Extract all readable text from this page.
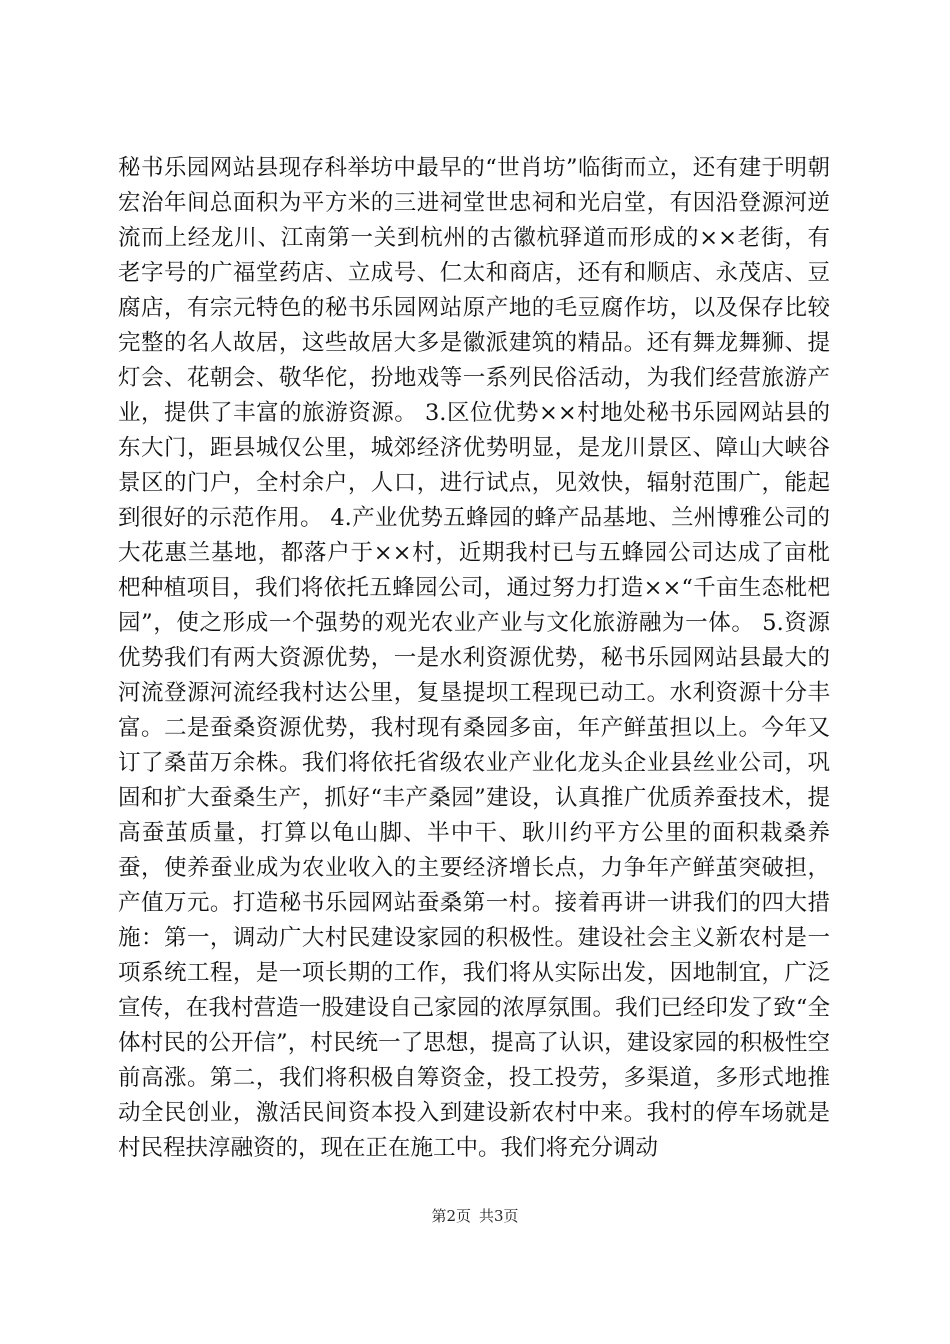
秘书乐园网站县现存科举坊中最早的“世肖坊”临街而立，还有建于明朝宏治年间总面积为平方米的三进祠堂世忠祠和光启堂，有因沿登源河逆流而上经龙川、江南第一关到杭州的古徽杭驿道而形成的××老街，有老字号的广福堂药店、立成号、仁太和商店，还有和顺店、永茂店、豆腐店，有宗元特色的秘书乐园网站原产地的毛豆腐作坊，以及保存比较完整的名人故居，这些故居大多是徽派建筑的精品。还有舞龙舞狮、提灯会、花朝会、敬华佗，扮地戏等一系列民俗活动，为我们经营旅游产业，提供了丰富的旅游资源。 3.区位优势××村地处秘书乐园网站县的东大门，距县城仅公里，城郊经济优势明显，是龙川景区、障山大峡谷景区的门户，全村余户，人口，进行试点，见效快，辐射范围广，能起到很好的示范作用。 4.产业优势五蜂园的蜂产品基地、兰州博雅公司的大花惠兰基地，都落户于××村，近期我村已与五蜂园公司达成了亩枇杷种植项目，我们将依托五蜂园公司，通过努力打造××“千亩生态枇杷园”，使之形成一个强势的观光农业产业与文化旅游融为一体。 5.资源优势我们有两大资源优势，一是水利资源优势，秘书乐园网站县最大的河流登源河流经我村达公里，复垦提坝工程现已动工。水利资源十分丰富。二是蚕桑资源优势，我村现有桑园多亩，年产鲜茧担以上。今年又订了桑苗万余株。我们将依托省级农业产业化龙头企业县丝业公司，巩固和扩大蚕桑生产，抓好“丰产桑园”建设，认真推广优质养蚕技术，提高蚕茧质量，打算以龟山脚、半中干、耿川约平方公里的面积栽桑养蚕，使养蚕业成为农业收入的主要经济增长点，力争年产鲜茧突破担，产值万元。打造秘书乐园网站蚕桑第一村。接着再讲一讲我们的四大措施：第一，调动广大村民建设家园的积极性。建设社会主义新农村是一项系统工程，是一项长期的工作，我们将从实际出发，因地制宜，广泛宣传，在我村营造一股建设自己家园的浓厚氛围。我们已经印发了致“全体村民的公开信”，村民统一了思想，提高了认识，建设家园的积极性空前高涨。第二，我们将积极自筹资金，投工投劳，多渠道，多形式地推动全民创业，激活民间资本投入到建设新农村中来。我村的停车场就是村民程扶淳融资的，现在正在施工中。我们将充分调动

第2页 共3页
